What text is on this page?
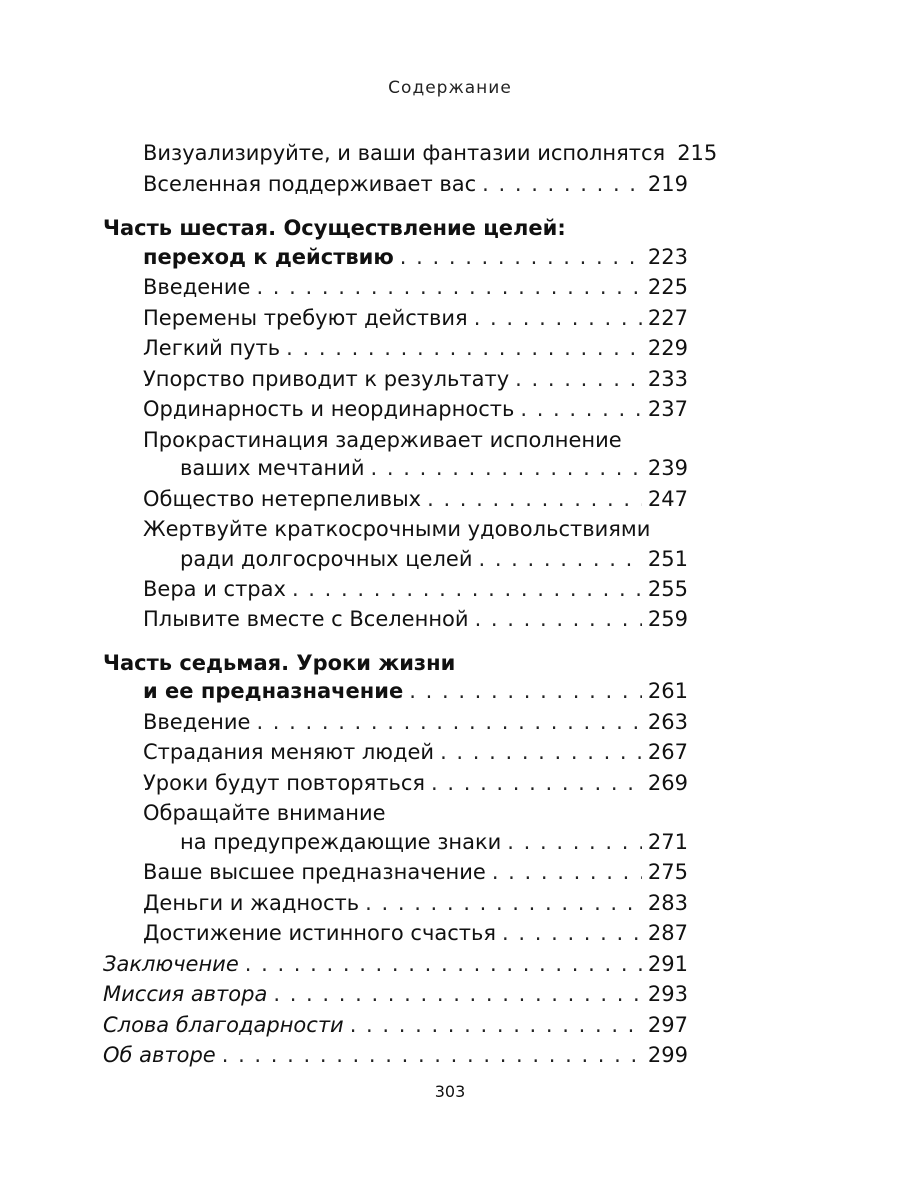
Содержание
Визуализируйте, и ваши фантазии исполнятся 215
Вселенная поддерживает вас . . .	219
Часть шестая. Осуществление целей:
переход к действию . . .	223
Введение . . .	225
Перемены требуют действия . . .	227
Легкий путь . . .	229
Упорство приводит к результату . . .	233
Ординарность и неординарность . . .	237
Прокрастинация задерживает исполнение
ваших мечтаний . . .	239
Общество нетерпеливых . . .	247
Жертвуйте краткосрочными удовольствиями
ради долгосрочных целей . . .	251
Вера и страх . . .	255
Плывите вместе с Вселенной . . .	259
Часть седьмая. Уроки жизни
и ее предназначение . . .	261
Введение . . .	263
Страдания меняют людей . . .	267
Уроки будут повторяться . . .	269
Обращайте внимание
на предупреждающие знаки . . .	271
Ваше высшее предназначение . . .	275
Деньги и жадность . . .	283
Достижение истинного счастья . . .	287
Заключение . . .	291
Миссия автора . . .	293
Слова благодарности . . .	297
Об авторе . . .	299
303
